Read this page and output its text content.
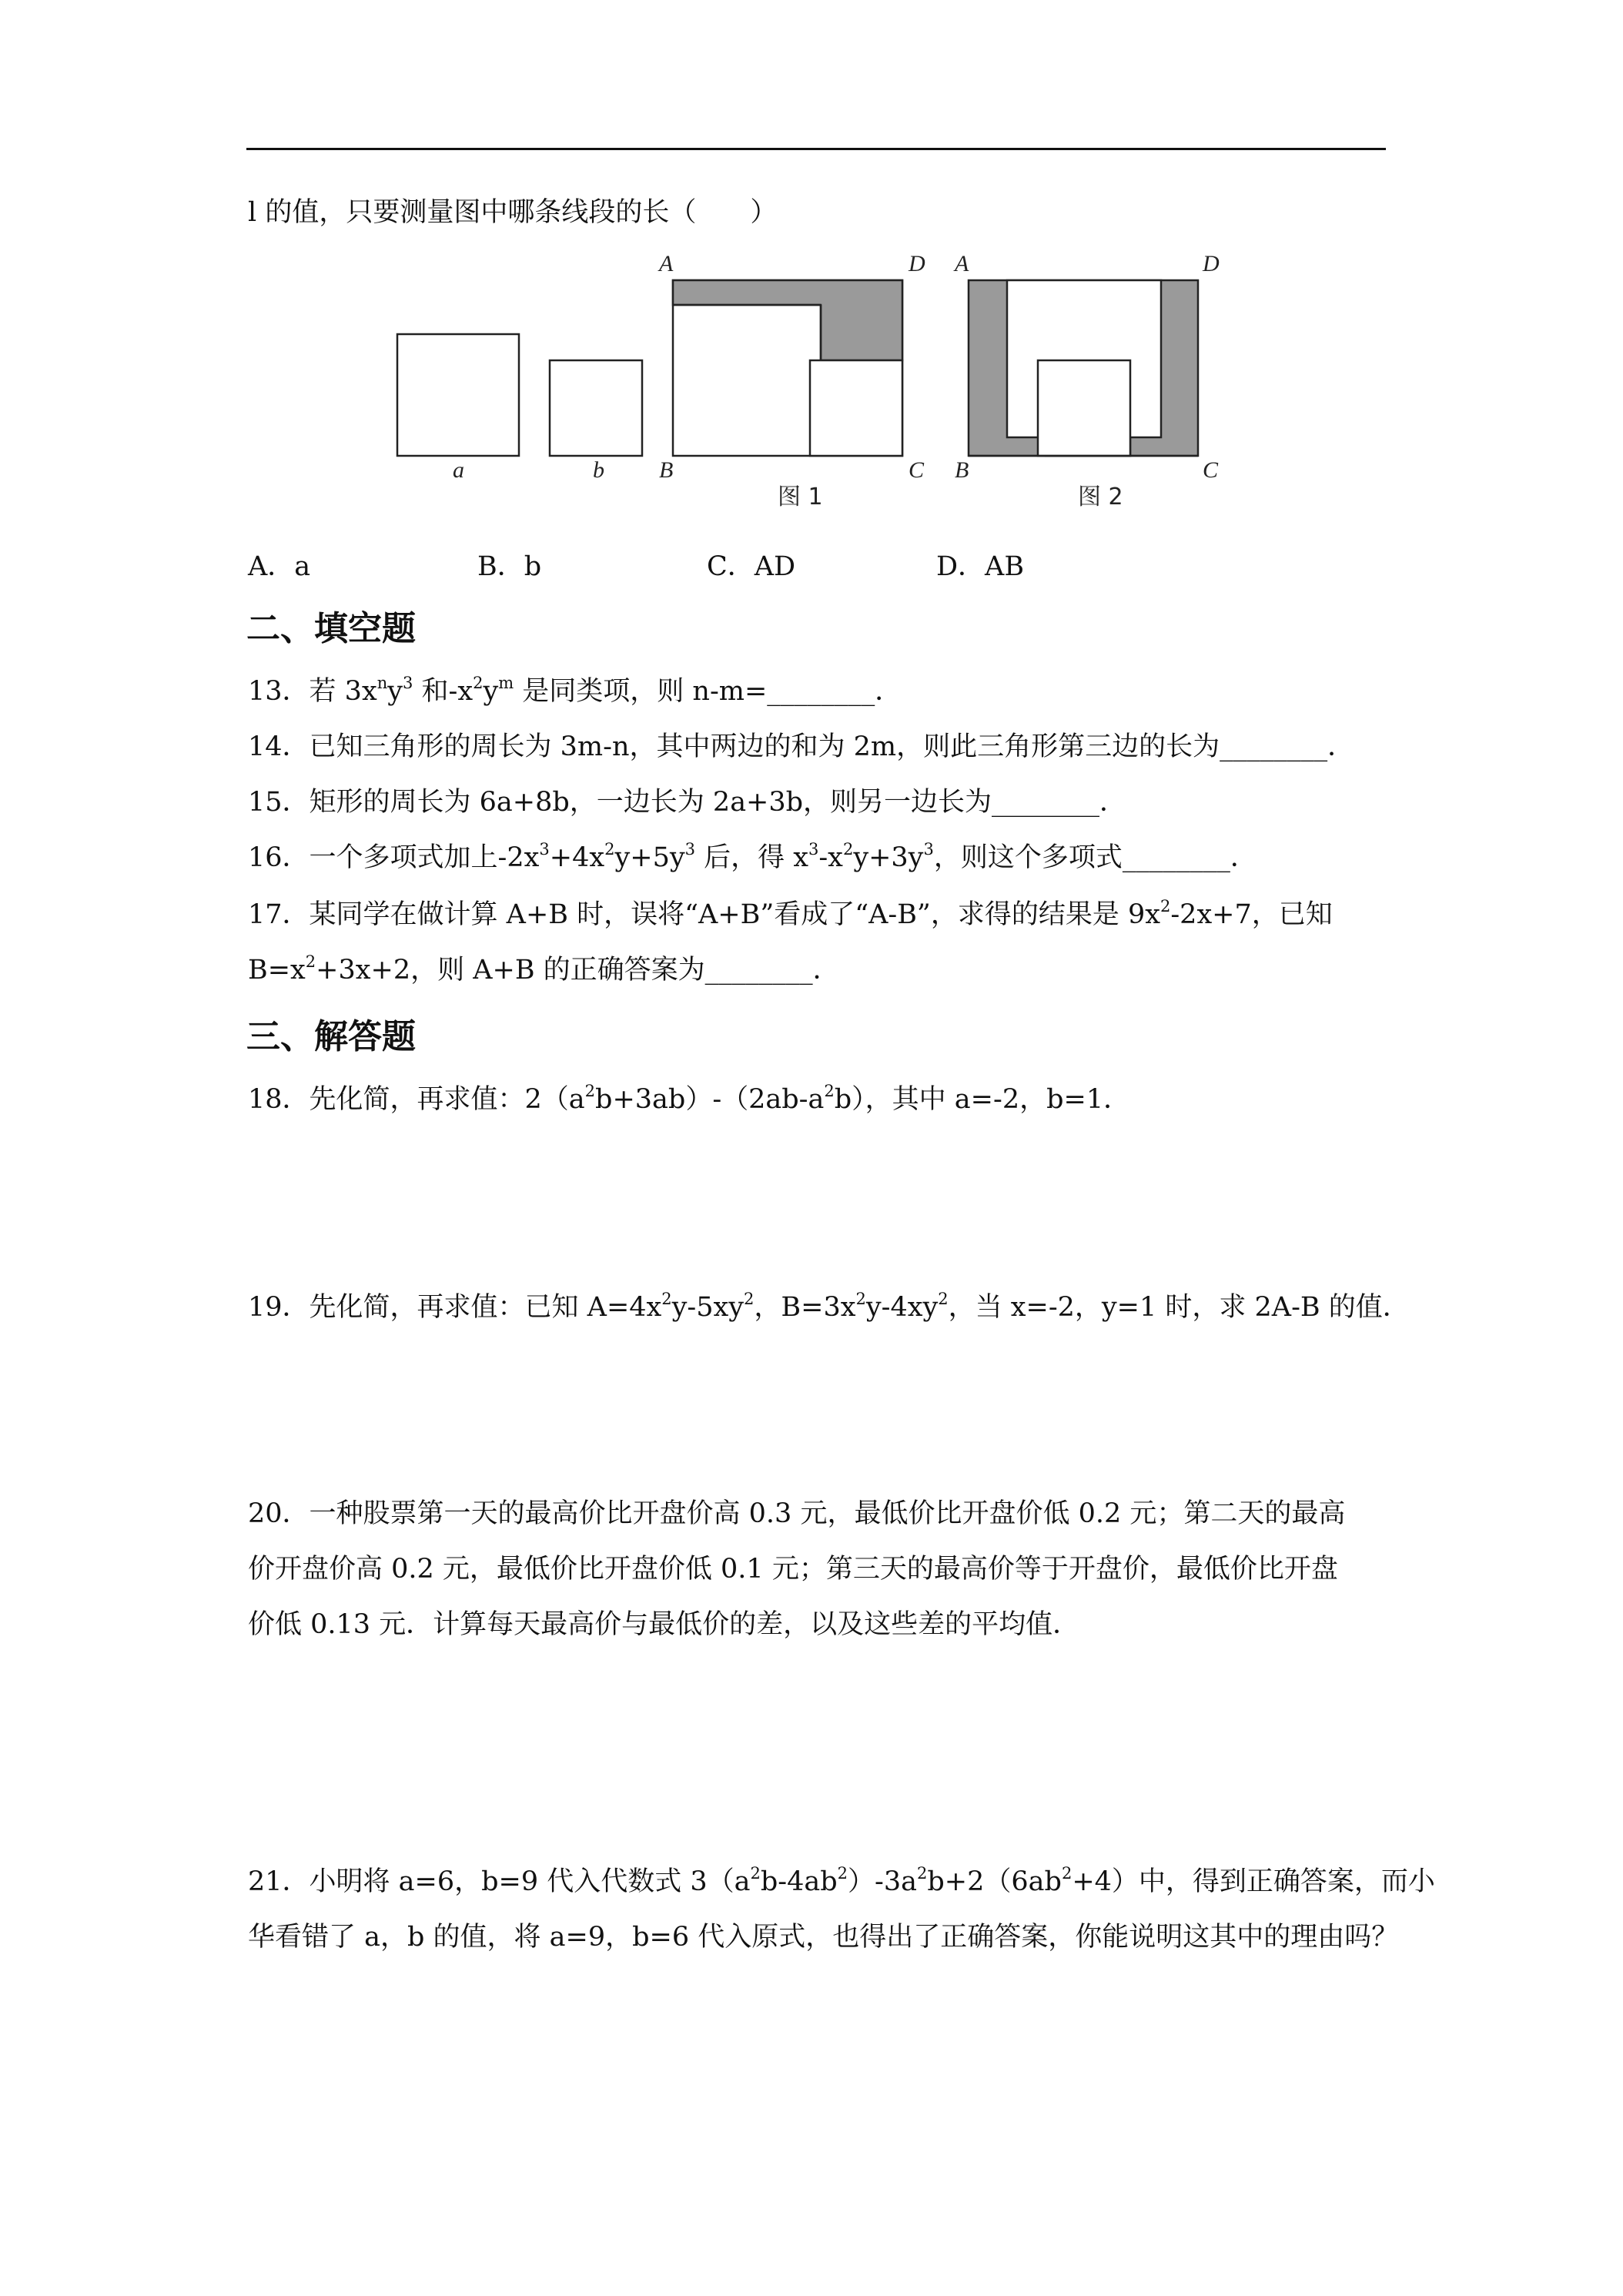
l 的值，只要测量图中哪条线段的长（　　）
a	b
A	D
B	C
图 1
A	D
B	C
图 2
A．a	B．b	C．AD	D．AB
二、填空题
13．若 $3x^ny^3$ 和$-x^2y^m$ 是同类项，则 n-m=________．
14．已知三角形的周长为 3m-n，其中两边的和为 2m，则此三角形第三边的长为________．
15．矩形的周长为 6a+8b，一边长为 2a+3b，则另一边长为________．
16．一个多项式加上$-2x^3+4x^2y+5y^3$ 后，得 $x^3-x^2y+3y^3$，则这个多项式________．
17．某同学在做计算 A+B 时，误将“A+B”看成了“A-B”，求得的结果是 $9x^2-2x+7$，已知
$B=x^2+3x+2$，则 A+B 的正确答案为________．
三、解答题
18．先化简，再求值：$2(a^2b+3ab)-(2ab-a^2b)$，其中 a=-2，b=1．
19．先化简，再求值：已知 $A=4x^2y-5xy^2$，$B=3x^2y-4xy^2$，当 x=-2，y=1 时，求 2A-B 的值．
20．一种股票第一天的最高价比开盘价高 0.3 元，最低价比开盘价低 0.2 元；第二天的最高
价开盘价高 0.2 元，最低价比开盘价低 0.1 元；第三天的最高价等于开盘价，最低价比开盘
价低 0.13 元．计算每天最高价与最低价的差，以及这些差的平均值．
21．小明将 a=6，b=9 代入代数式 $3(a^2b-4ab^2)-3a^2b+2(6ab^2+4)$中，得到正确答案，而小
华看错了 a，b 的值，将 a=9，b=6 代入原式，也得出了正确答案，你能说明这其中的理由吗？
